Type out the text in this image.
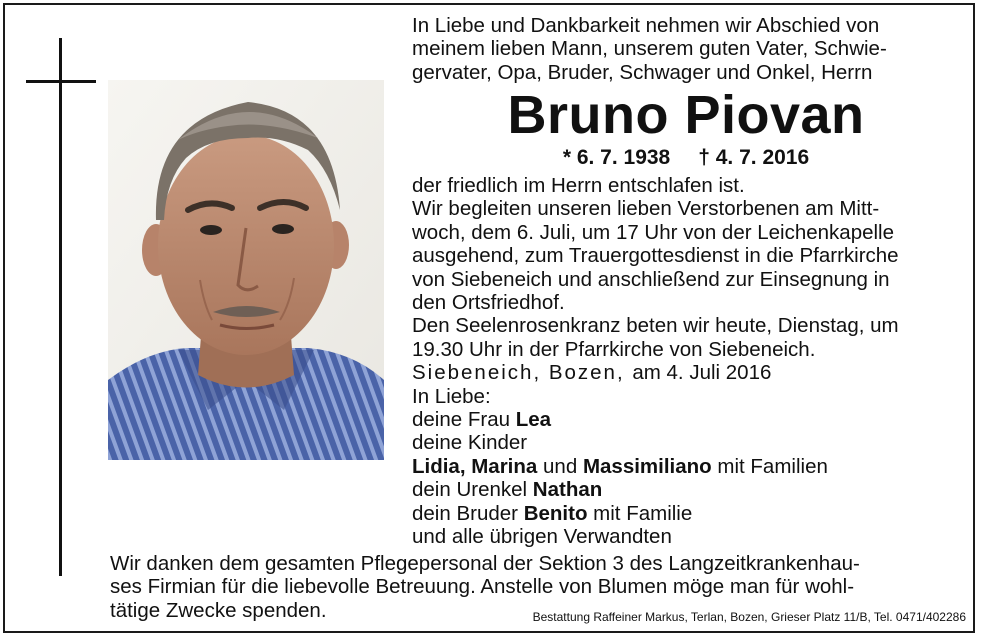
In Liebe und Dankbarkeit nehmen wir Abschied von
meinem lieben Mann, unserem guten Vater, Schwie-
gervater, Opa, Bruder, Schwager und Onkel, Herrn
Bruno Piovan
* 6. 7. 1938 † 4. 7. 2016
der friedlich im Herrn entschlafen ist.
Wir begleiten unseren lieben Verstorbenen am Mitt-
woch, dem 6. Juli, um 17 Uhr von der Leichenkapelle
ausgehend, zum Trauergottesdienst in die Pfarrkirche
von Siebeneich und anschließend zur Einsegnung in
den Ortsfriedhof.
Den Seelenrosenkranz beten wir heute, Dienstag, um
19.30 Uhr in der Pfarrkirche von Siebeneich.
Siebeneich, Bozen, am 4. Juli 2016
In Liebe:
deine Frau Lea
deine Kinder
Lidia, Marina und Massimiliano mit Familien
dein Urenkel Nathan
dein Bruder Benito mit Familie
und alle übrigen Verwandten
Wir danken dem gesamten Pflegepersonal der Sektion 3 des Langzeitkrankenhau-
ses Firmian für die liebevolle Betreuung. Anstelle von Blumen möge man für wohl-
tätige Zwecke spenden.	Bestattung Raffeiner Markus, Terlan, Bozen, Grieser Platz 11/B, Tel. 0471/402286
